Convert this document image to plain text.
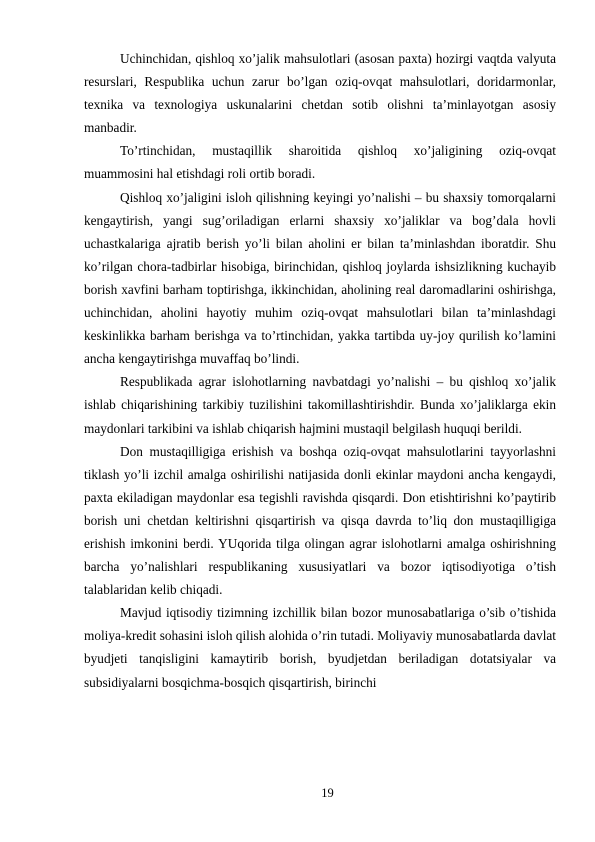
Uchinchidan, qishloq xo’jalik mahsulotlari (asosan paxta) hozirgi vaqtda valyuta resurslari, Respublika uchun zarur bo’lgan oziq-ovqat mahsulotlari, doridarmonlar, texnika va texnologiya uskunalarini chetdan sotib olishni ta’minlayotgan asosiy manbadir.

To’rtinchidan, mustaqillik sharoitida qishloq xo’jaligining oziq-ovqat muammosini hal etishdagi roli ortib boradi.

Qishloq xo’jaligini isloh qilishning keyingi yo’nalishi – bu shaxsiy tomorqalarni kengaytirish, yangi sug’oriladigan erlarni shaxsiy xo’jaliklar va bog’dala hovli uchastkalariga ajratib berish yo’li bilan aholini er bilan ta’minlashdan iboratdir. Shu ko’rilgan chora-tadbirlar hisobiga, birinchidan, qishloq joylarda ishsizlikning kuchayib borish xavfini barham toptirishga, ikkinchidan, aholining real daromadlarini oshirishga, uchinchidan, aholini hayotiy muhim oziq-ovqat mahsulotlari bilan ta’minlashdagi keskinlikka barham berishga va to’rtinchidan, yakka tartibda uy-joy qurilish ko’lamini ancha kengaytirishga muvaffaq bo’lindi.

Respublikada agrar islohotlarning navbatdagi yo’nalishi – bu qishloq xo’jalik ishlab chiqarishining tarkibiy tuzilishini takomillashtirishdir. Bunda xo’jaliklarga ekin maydonlari tarkibini va ishlab chiqarish hajmini mustaqil belgilash huquqi berildi.

Don mustaqilligiga erishish va boshqa oziq-ovqat mahsulotlarini tayyorlashni tiklash yo’li izchil amalga oshirilishi natijasida donli ekinlar maydoni ancha kengaydi, paxta ekiladigan maydonlar esa tegishli ravishda qisqardi. Don etishtirishni ko’paytirib borish uni chetdan keltirishni qisqartirish va qisqa davrda to’liq don mustaqilligiga erishish imkonini berdi. YUqorida tilga olingan agrar islohotlarni amalga oshirishning barcha yo’nalishlari respublikaning xususiyatlari va bozor iqtisodiyotiga o’tish talablaridan kelib chiqadi.

Mavjud iqtisodiy tizimning izchillik bilan bozor munosabatlariga o’sib o’tishida moliya-kredit sohasini isloh qilish alohida o’rin tutadi. Moliyaviy munosabatlarda davlat byudjeti tanqisligini kamaytirib borish, byudjetdan beriladigan dotatsiyalar va subsidiyalarni bosqichma-bosqich qisqartirish, birinchi

19
